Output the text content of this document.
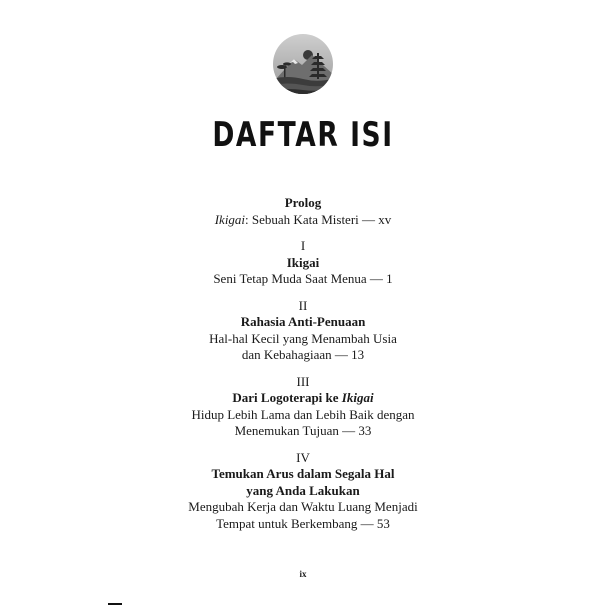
DAFTAR ISI

Prolog
Ikigai: Sebuah Kata Misteri — xv

I
Ikigai
Seni Tetap Muda Saat Menua — 1

II
Rahasia Anti-Penuaan
Hal-hal Kecil yang Menambah Usia
dan Kebahagiaan — 13

III
Dari Logoterapi ke Ikigai
Hidup Lebih Lama dan Lebih Baik dengan
Menemukan Tujuan — 33

IV
Temukan Arus dalam Segala Hal
yang Anda Lakukan
Mengubah Kerja dan Waktu Luang Menjadi
Tempat untuk Berkembang — 53

ix
